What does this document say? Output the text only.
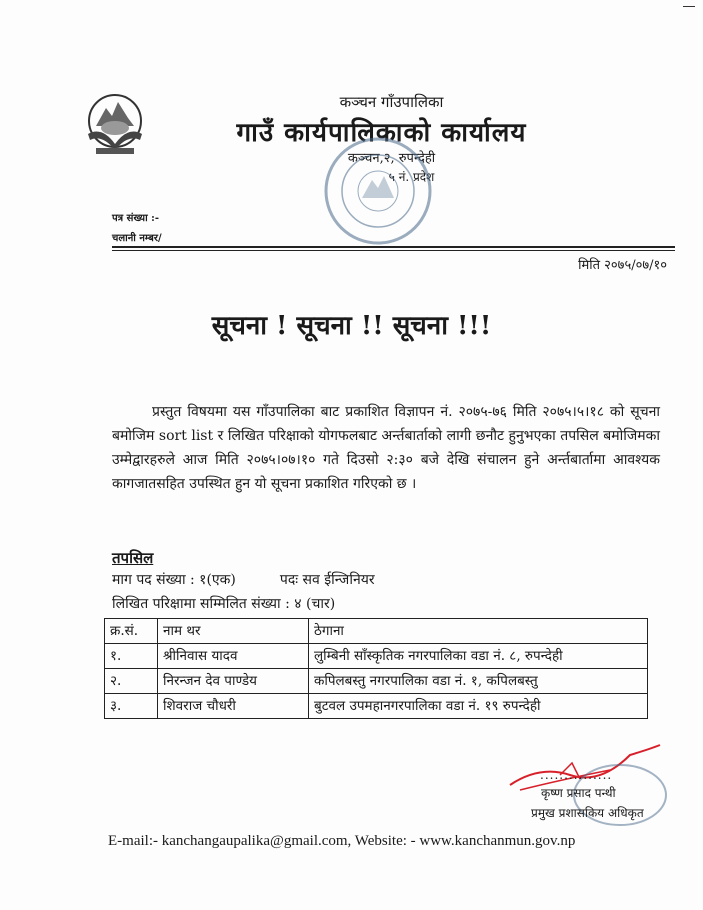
कञ्चन गाँउपालिका
गाउँ कार्यपालिकाको कार्यालय
कञ्चन,२, रुपन्देही
५ नं. प्रदेश
पत्र संख्या :-
चलानी नम्बर/
मिति २०७५/०७/१०
सूचना ! सूचना !! सूचना !!!
प्रस्तुत विषयमा यस गाँउपालिका बाट प्रकाशित विज्ञापन नं. २०७५-७६ मिति २०७५।५।१८ को सूचना बमोजिम sort list र लिखित परिक्षाको योगफलबाट अर्न्तबार्ताको लागी छनौट हुनुभएका तपसिल बमोजिमका उम्मेद्वारहरुले आज मिति २०७५।०७।१० गते दिउसो २:३० बजे देखि संचालन हुने अर्न्तबार्तामा आवश्यक कागजातसहित उपस्थित हुन यो सूचना प्रकाशित गरिएको छ ।
तपसिल
माग पद संख्या : १(एक)	पदः सव ईन्जिनियर
लिखित परिक्षामा सम्मिलित संख्या : ४ (चार)
क्र.सं.	नाम थर	ठेगाना
१.	श्रीनिवास यादव	लुम्बिनी साँस्कृतिक नगरपालिका वडा नं. ८, रुपन्देही
२.	निरन्जन देव पाण्डेय	कपिलबस्तु नगरपालिका वडा नं. १, कपिलबस्तु
३.	शिवराज चौधरी	बुटवल उपमहानगरपालिका वडा नं. १९ रुपन्देही
...............
कृष्ण प्रसाद पन्थी
प्रमुख प्रशासकिय अधिकृत
E-mail:- kanchangaupalika@gmail.com, Website: - www.kanchanmun.gov.np
